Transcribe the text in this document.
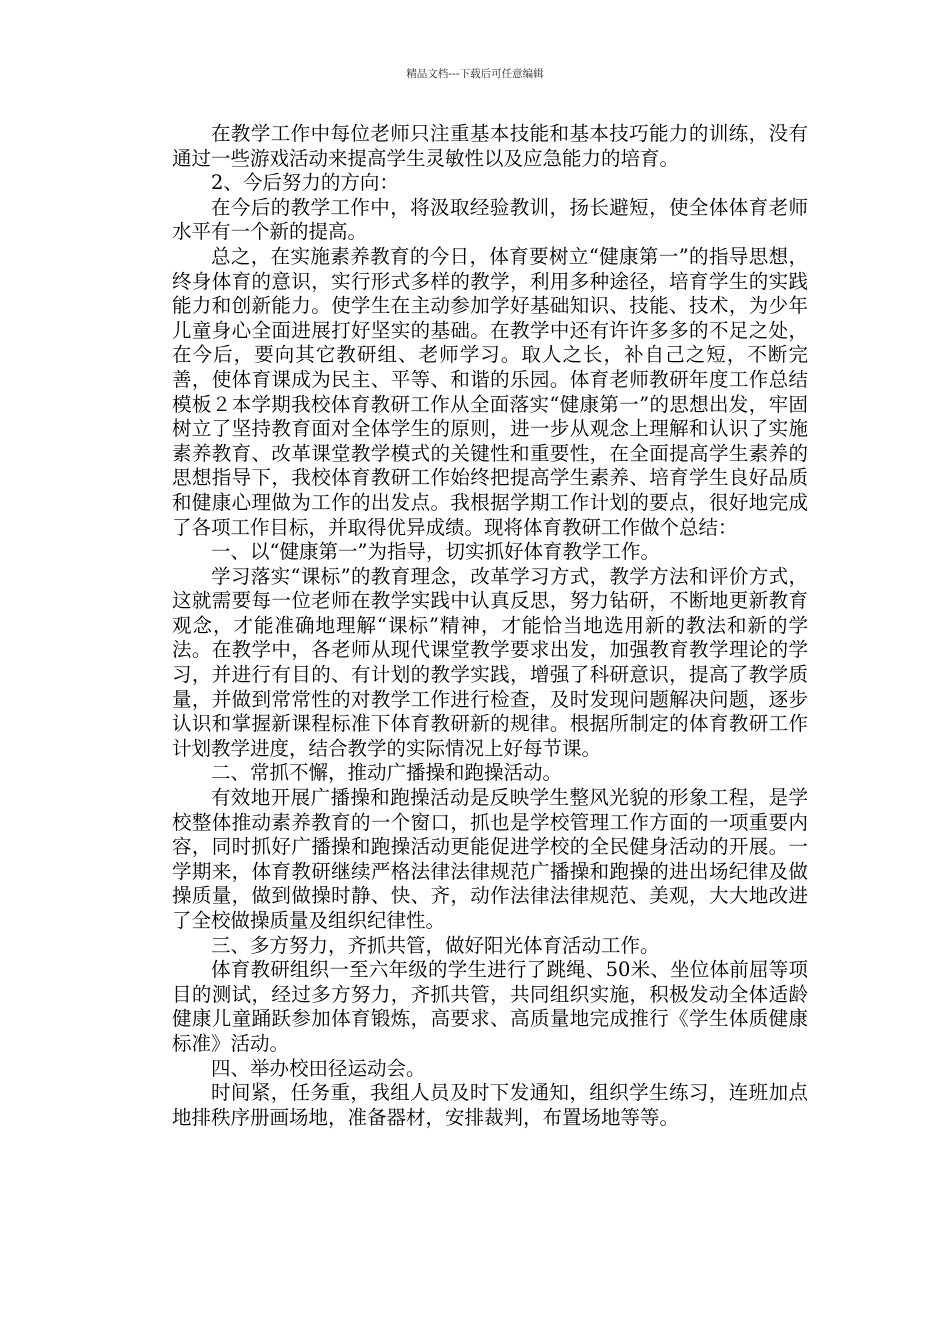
精品文档---下载后可任意编辑

在教学工作中每位老师只注重基本技能和基本技巧能力的训练，没有通过一些游戏活动来提高学生灵敏性以及应急能力的培育。

2、今后努力的方向：

在今后的教学工作中，将汲取经验教训，扬长避短，使全体体育老师水平有一个新的提高。

总之，在实施素养教育的今日，体育要树立“健康第一”的指导思想，终身体育的意识，实行形式多样的教学，利用多种途径，培育学生的实践能力和创新能力。使学生在主动参加学好基础知识、技能、技术，为少年儿童身心全面进展打好坚实的基础。在教学中还有许许多多的不足之处，在今后，要向其它教研组、老师学习。取人之长，补自己之短，不断完善，使体育课成为民主、平等、和谐的乐园。体育老师教研年度工作总结模板２本学期我校体育教研工作从全面落实“健康第一”的思想出发，牢固树立了坚持教育面对全体学生的原则，进一步从观念上理解和认识了实施素养教育、改革课堂教学模式的关键性和重要性，在全面提高学生素养的思想指导下，我校体育教研工作始终把提高学生素养、培育学生良好品质和健康心理做为工作的出发点。我根据学期工作计划的要点，很好地完成了各项工作目标，并取得优异成绩。现将体育教研工作做个总结：

一、以“健康第一”为指导，切实抓好体育教学工作。

学习落实“课标”的教育理念，改革学习方式，教学方法和评价方式，这就需要每一位老师在教学实践中认真反思，努力钻研，不断地更新教育观念，才能准确地理解“课标”精神，才能恰当地选用新的教法和新的学法。在教学中，各老师从现代课堂教学要求出发，加强教育教学理论的学习，并进行有目的、有计划的教学实践，增强了科研意识，提高了教学质量，并做到常常性的对教学工作进行检查，及时发现问题解决问题，逐步认识和掌握新课程标准下体育教研新的规律。根据所制定的体育教研工作计划教学进度，结合教学的实际情况上好每节课。

二、常抓不懈，推动广播操和跑操活动。

有效地开展广播操和跑操活动是反映学生整风光貌的形象工程，是学校整体推动素养教育的一个窗口，抓也是学校管理工作方面的一项重要内容，同时抓好广播操和跑操活动更能促进学校的全民健身活动的开展。一学期来，体育教研继续严格法律法律规范广播操和跑操的进出场纪律及做操质量，做到做操时静、快、齐，动作法律法律规范、美观，大大地改进了全校做操质量及组织纪律性。

三、多方努力，齐抓共管，做好阳光体育活动工作。

体育教研组织一至六年级的学生进行了跳绳、50米、坐位体前屈等项目的测试，经过多方努力，齐抓共管，共同组织实施，积极发动全体适龄健康儿童踊跃参加体育锻炼，高要求、高质量地完成推行《学生体质健康标准》活动。

四、举办校田径运动会。

时间紧，任务重，我组人员及时下发通知，组织学生练习，连班加点地排秩序册画场地，准备器材，安排裁判，布置场地等等。
